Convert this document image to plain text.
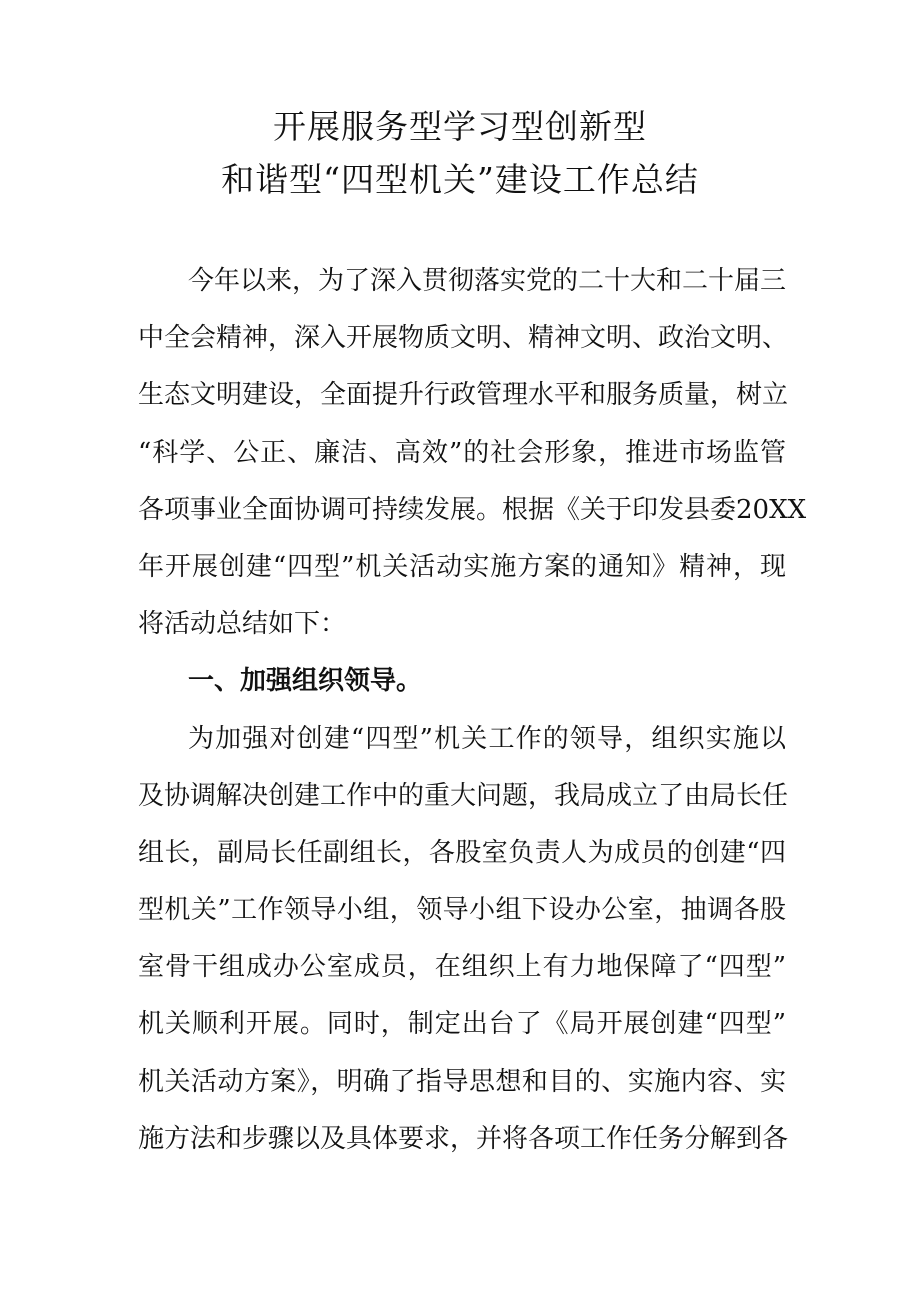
开展服务型学习型创新型
和谐型“四型机关”建设工作总结
今年以来，为了深入贯彻落实党的二十大和二十届三
中全会精神，深入开展物质文明、精神文明、政治文明、
生态文明建设，全面提升行政管理水平和服务质量，树立
“科学、公正、廉洁、高效”的社会形象，推进市场监管
各项事业全面协调可持续发展。根据《关于印发县委20XX
年开展创建“四型”机关活动实施方案的通知》精神，现
将活动总结如下：
一、加强组织领导。
为加强对创建“四型”机关工作的领导，组织实施以
及协调解决创建工作中的重大问题，我局成立了由局长任
组长，副局长任副组长，各股室负责人为成员的创建“四
型机关”工作领导小组，领导小组下设办公室，抽调各股
室骨干组成办公室成员，在组织上有力地保障了“四型”
机关顺利开展。同时，制定出台了《局开展创建“四型”
机关活动方案》，明确了指导思想和目的、实施内容、实
施方法和步骤以及具体要求，并将各项工作任务分解到各
